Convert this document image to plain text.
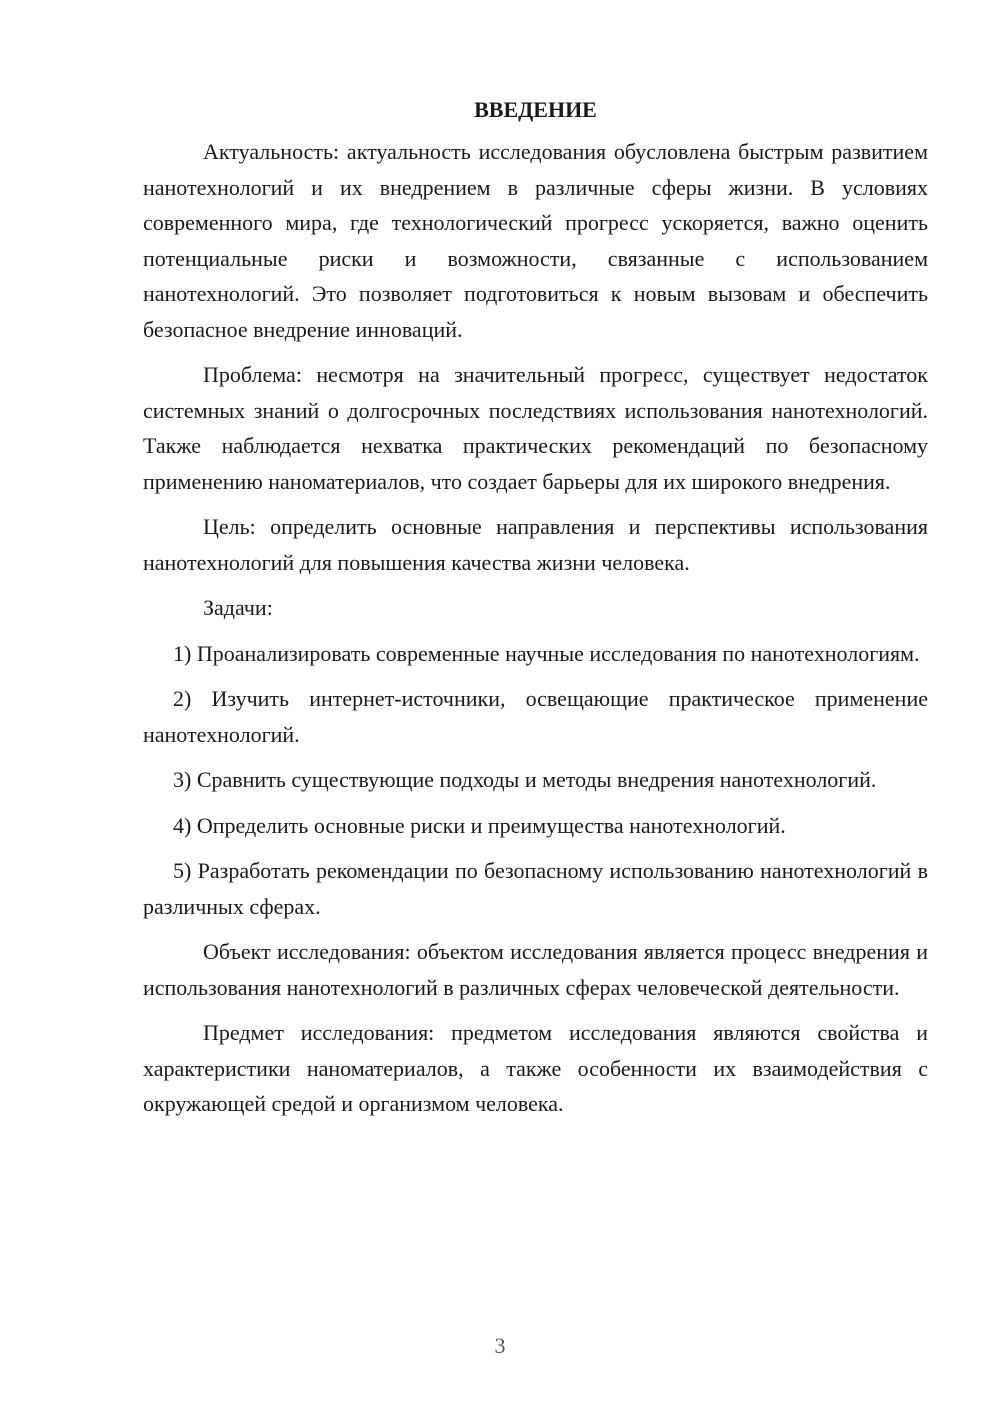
ВВЕДЕНИЕ

Актуальность: актуальность исследования обусловлена быстрым развитием нанотехнологий и их внедрением в различные сферы жизни. В условиях современного мира, где технологический прогресс ускоряется, важно оценить потенциальные риски и возможности, связанные с использованием нанотехнологий. Это позволяет подготовиться к новым вызовам и обеспечить безопасное внедрение инноваций.

Проблема: несмотря на значительный прогресс, существует недостаток системных знаний о долгосрочных последствиях использования нанотехнологий. Также наблюдается нехватка практических рекомендаций по безопасному применению наноматериалов, что создает барьеры для их широкого внедрения.

Цель: определить основные направления и перспективы использования нанотехнологий для повышения качества жизни человека.

Задачи:

1) Проанализировать современные научные исследования по нанотехнологиям.

2) Изучить интернет-источники, освещающие практическое применение нанотехнологий.

3) Сравнить существующие подходы и методы внедрения нанотехнологий.

4) Определить основные риски и преимущества нанотехнологий.

5) Разработать рекомендации по безопасному использованию нанотехнологий в различных сферах.

Объект исследования: объектом исследования является процесс внедрения и использования нанотехнологий в различных сферах человеческой деятельности.

Предмет исследования: предметом исследования являются свойства и характеристики наноматериалов, а также особенности их взаимодействия с окружающей средой и организмом человека.

3
